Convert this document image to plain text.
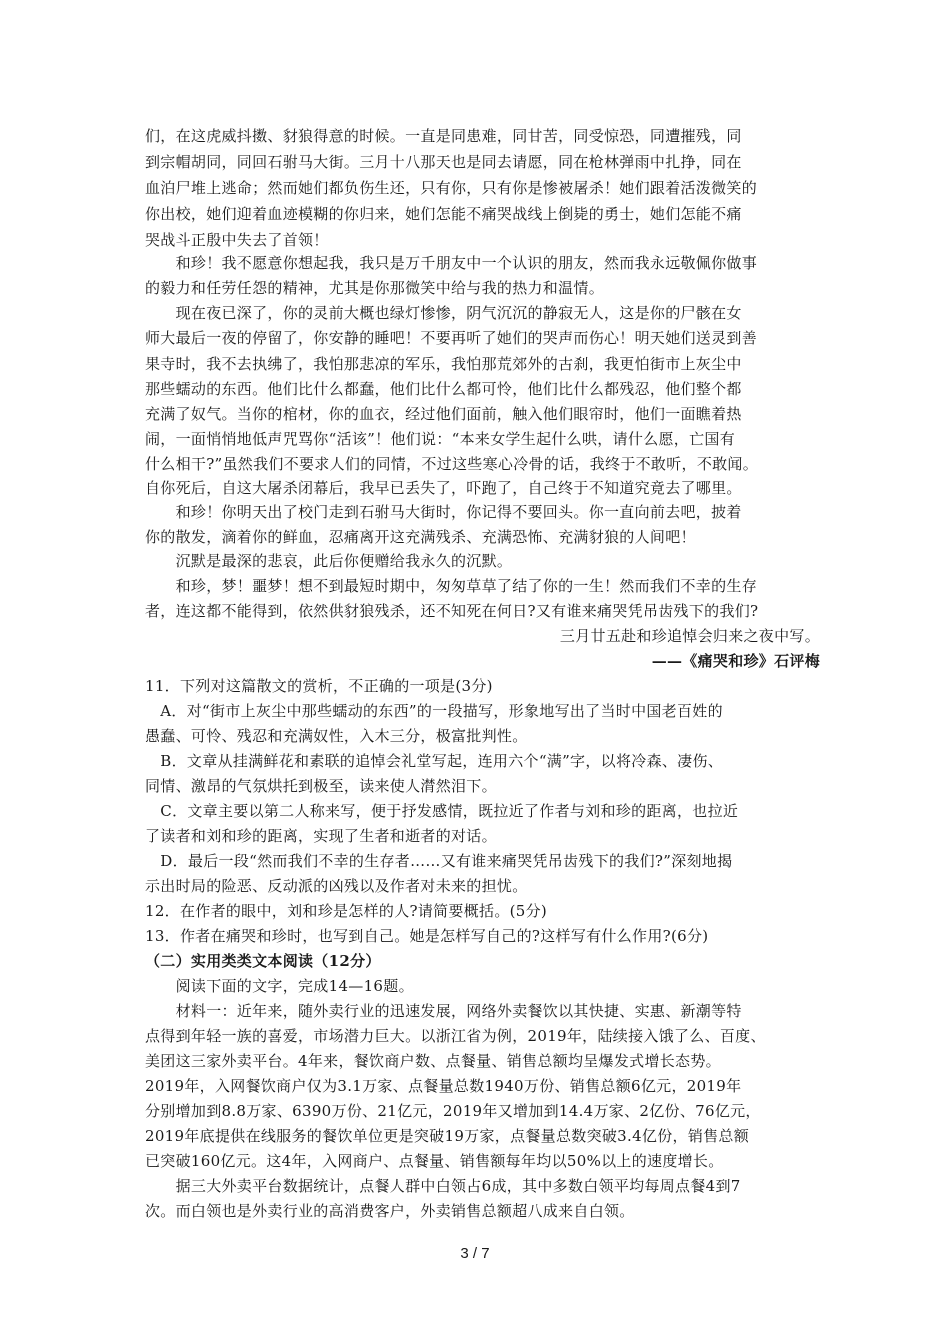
们，在这虎威抖擞、豺狼得意的时候。一直是同患难，同甘苦，同受惊恐，同遭摧残，同
到宗帽胡同，同回石驸马大街。三月十八那天也是同去请愿，同在枪林弹雨中扎挣，同在
血泊尸堆上逃命；然而她们都负伤生还，只有你，只有你是惨被屠杀！她们跟着活泼微笑的
你出校，她们迎着血迹模糊的你归来，她们怎能不痛哭战线上倒毙的勇士，她们怎能不痛
哭战斗正殷中失去了首领！
　　和珍！我不愿意你想起我，我只是万千朋友中一个认识的朋友，然而我永远敬佩你做事
的毅力和任劳任怨的精神，尤其是你那微笑中给与我的热力和温情。
　　现在夜已深了，你的灵前大概也绿灯惨惨，阴气沉沉的静寂无人，这是你的尸骸在女
师大最后一夜的停留了，你安静的睡吧！不要再听了她们的哭声而伤心！明天她们送灵到善
果寺时，我不去执绋了，我怕那悲凉的军乐，我怕那荒郊外的古刹，我更怕街市上灰尘中
那些蠕动的东西。他们比什么都蠢，他们比什么都可怜，他们比什么都残忍，他们整个都
充满了奴气。当你的棺材，你的血衣，经过他们面前，触入他们眼帘时，他们一面瞧着热
闹，一面悄悄地低声咒骂你“活该”！他们说：“本来女学生起什么哄，请什么愿，亡国有
什么相干?”虽然我们不要求人们的同情，不过这些寒心冷骨的话，我终于不敢听，不敢闻。
自你死后，自这大屠杀闭幕后，我早已丢失了，吓跑了，自己终于不知道究竟去了哪里。
　　和珍！你明天出了校门走到石驸马大街时，你记得不要回头。你一直向前去吧，披着
你的散发，滴着你的鲜血，忍痛离开这充满残杀、充满恐怖、充满豺狼的人间吧！
　　沉默是最深的悲哀，此后你便赠给我永久的沉默。
　　和珍，梦！噩梦！想不到最短时期中，匆匆草草了结了你的一生！然而我们不幸的生存
者，连这都不能得到，依然供豺狼残杀，还不知死在何日?又有谁来痛哭凭吊齿残下的我们?
三月廿五赴和珍追悼会归来之夜中写。
——《痛哭和珍》石评梅
11．下列对这篇散文的赏析，不正确的一项是(3分)
　A．对“街市上灰尘中那些蠕动的东西”的一段描写，形象地写出了当时中国老百姓的
愚蠢、可怜、残忍和充满奴性，入木三分，极富批判性。
　B．文章从挂满鲜花和素联的追悼会礼堂写起，连用六个“满”字，以将冷森、凄伤、
同情、激昂的气氛烘托到极至，读来使人潸然泪下。
　C．文章主要以第二人称来写，便于抒发感情，既拉近了作者与刘和珍的距离，也拉近
了读者和刘和珍的距离，实现了生者和逝者的对话。
　D．最后一段“然而我们不幸的生存者……又有谁来痛哭凭吊齿残下的我们?”深刻地揭
示出时局的险恶、反动派的凶残以及作者对未来的担忧。
12．在作者的眼中，刘和珍是怎样的人?请简要概括。(5分)
13．作者在痛哭和珍时，也写到自己。她是怎样写自己的?这样写有什么作用?(6分)
（二）实用类类文本阅读（12分）
　　阅读下面的文字，完成14—16题。
　　材料一：近年来，随外卖行业的迅速发展，网络外卖餐饮以其快捷、实惠、新潮等特
点得到年轻一族的喜爱，市场潜力巨大。以浙江省为例，2019年，陆续接入饿了么、百度、
美团这三家外卖平台。4年来，餐饮商户数、点餐量、销售总额均呈爆发式增长态势。
2019年，入网餐饮商户仅为3.1万家、点餐量总数1940万份、销售总额6亿元，2019年
分别增加到8.8万家、6390万份、21亿元，2019年又增加到14.4万家、2亿份、76亿元，
2019年底提供在线服务的餐饮单位更是突破19万家，点餐量总数突破3.4亿份，销售总额
已突破160亿元。这4年，入网商户、点餐量、销售额每年均以50%以上的速度增长。
　　据三大外卖平台数据统计，点餐人群中白领占6成，其中多数白领平均每周点餐4到7
次。而白领也是外卖行业的高消费客户，外卖销售总额超八成来自白领。
3 / 7
